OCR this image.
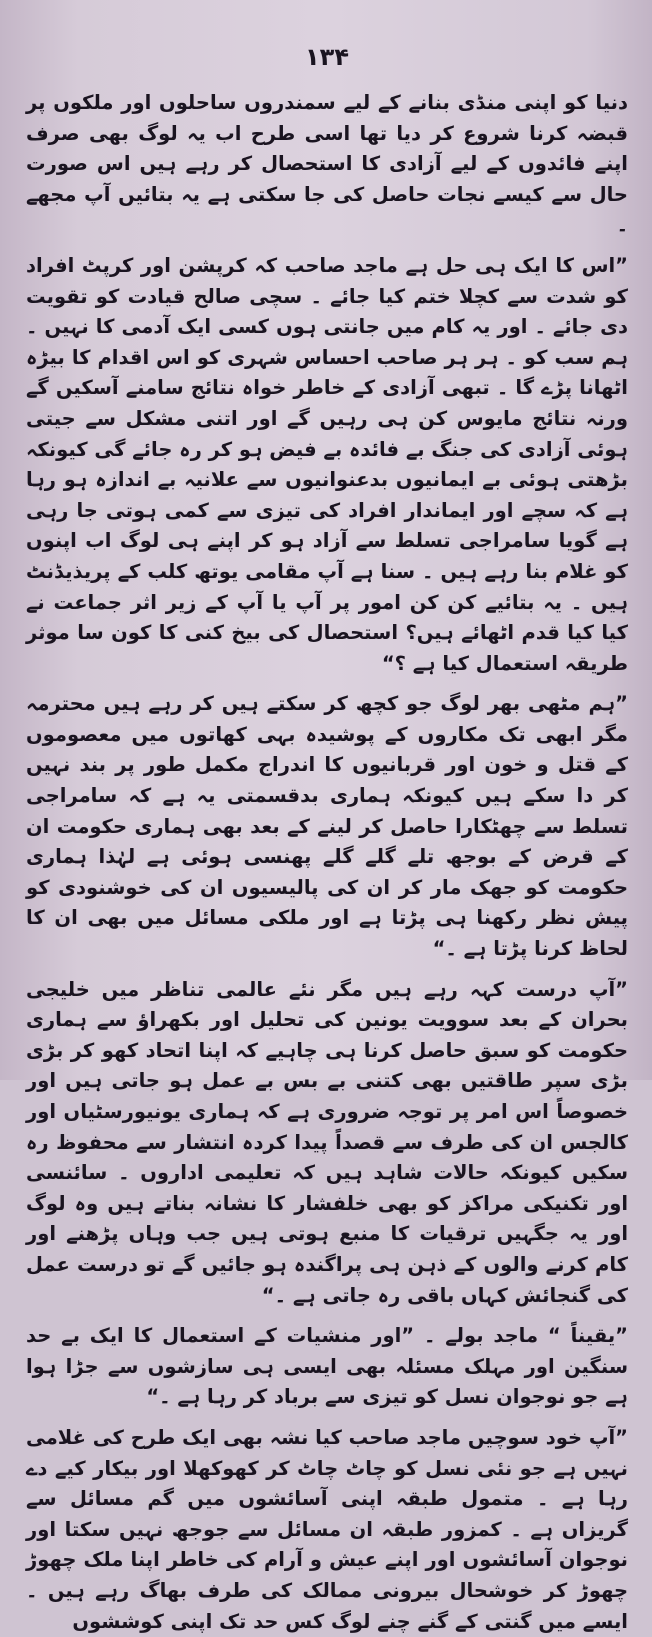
۱۳۴

دنیا کو اپنی منڈی بنانے کے لیے سمندروں ساحلوں اور ملکوں پر قبضہ کرنا شروع کر دیا تھا اسی طرح اب یہ لوگ بھی صرف اپنے فائدوں کے لیے آزادی کا استحصال کر رہے ہیں اس صورت حال سے کیسے نجات حاصل کی جا سکتی ہے یہ بتائیں آپ مجھے ۔

”اس کا ایک ہی حل ہے ماجد صاحب کہ کرپشن اور کرپٹ افراد کو شدت سے کچلا ختم کیا جائے ۔ سچی صالح قیادت کو تقویت دی جائے ۔ اور یہ کام میں جانتی ہوں کسی ایک آدمی کا نہیں ۔ ہم سب کو ۔ ہر ہر صاحب احساس شہری کو اس اقدام کا بیڑہ اٹھانا پڑے گا ۔ تبھی آزادی کے خاطر خواہ نتائج سامنے آسکیں گے ورنہ نتائج مایوس کن ہی رہیں گے اور اتنی مشکل سے جیتی ہوئی آزادی کی جنگ بے فائدہ بے فیض ہو کر رہ جائے گی کیونکہ بڑھتی ہوئی بے ایمانیوں بدعنوانیوں سے علانیہ بے اندازہ ہو رہا ہے کہ سچے اور ایماندار افراد کی تیزی سے کمی ہوتی جا رہی ہے گویا سامراجی تسلط سے آزاد ہو کر اپنے ہی لوگ اب اپنوں کو غلام بنا رہے ہیں ۔ سنا ہے آپ مقامی یوتھ کلب کے پریذیڈنٹ ہیں ۔ یہ بتائیے کن کن امور پر آپ یا آپ کے زیر اثر جماعت نے کیا کیا قدم اٹھائے ہیں؟ استحصال کی بیخ کنی کا کون سا موثر طریقہ استعمال کیا ہے ؟“

”ہم مٹھی بھر لوگ جو کچھ کر سکتے ہیں کر رہے ہیں محترمہ مگر ابھی تک مکاروں کے پوشیدہ بہی کھاتوں میں معصوموں کے قتل و خون اور قربانیوں کا اندراج مکمل طور پر بند نہیں کر دا سکے ہیں کیونکہ ہماری بدقسمتی یہ ہے کہ سامراجی تسلط سے چھٹکارا حاصل کر لینے کے بعد بھی ہماری حکومت ان کے قرض کے بوجھ تلے گلے گلے پھنسی ہوئی ہے لہٰذا ہماری حکومت کو جھک مار کر ان کی پالیسیوں ان کی خوشنودی کو پیش نظر رکھنا ہی پڑتا ہے اور ملکی مسائل میں بھی ان کا لحاظ کرنا پڑتا ہے ۔“

”آپ درست کہہ رہے ہیں مگر نئے عالمی تناظر میں خلیجی بحران کے بعد سوویت یونین کی تحلیل اور بکھراؤ سے ہماری حکومت کو سبق حاصل کرنا ہی چاہیے کہ اپنا اتحاد کھو کر بڑی بڑی سپر طاقتیں بھی کتنی بے بس بے عمل ہو جاتی ہیں اور خصوصاً اس امر پر توجہ ضروری ہے کہ ہماری یونیورسٹیاں اور کالجس ان کی طرف سے قصداً پیدا کردہ انتشار سے محفوظ رہ سکیں کیونکہ حالات شاہد ہیں کہ تعلیمی اداروں ۔ سائنسی اور تکنیکی مراکز کو بھی خلفشار کا نشانہ بناتے ہیں وہ لوگ اور یہ جگہیں ترقیات کا منبع ہوتی ہیں جب وہاں پڑھنے اور کام کرنے والوں کے ذہن ہی پراگندہ ہو جائیں گے تو درست عمل کی گنجائش کہاں باقی رہ جاتی ہے ۔“

”یقیناً “ ماجد بولے ۔ ”اور منشیات کے استعمال کا ایک بے حد سنگین اور مہلک مسئلہ بھی ایسی ہی سازشوں سے جڑا ہوا ہے جو نوجوان نسل کو تیزی سے برباد کر رہا ہے ۔“

”آپ خود سوچیں ماجد صاحب کیا نشہ بھی ایک طرح کی غلامی نہیں ہے جو نئی نسل کو چاٹ چاٹ کر کھوکھلا اور بیکار کیے دے رہا ہے ۔ متمول طبقہ اپنی آسائشوں میں گم مسائل سے گریزاں ہے ۔ کمزور طبقہ ان مسائل سے جوجھ نہیں سکتا اور نوجوان آسائشوں اور اپنے عیش و آرام کی خاطر اپنا ملک چھوڑ چھوڑ کر خوشحال بیرونی ممالک کی طرف بھاگ رہے ہیں ۔ ایسے میں گنتی کے گنے چنے لوگ کس حد تک اپنی کوششوں
